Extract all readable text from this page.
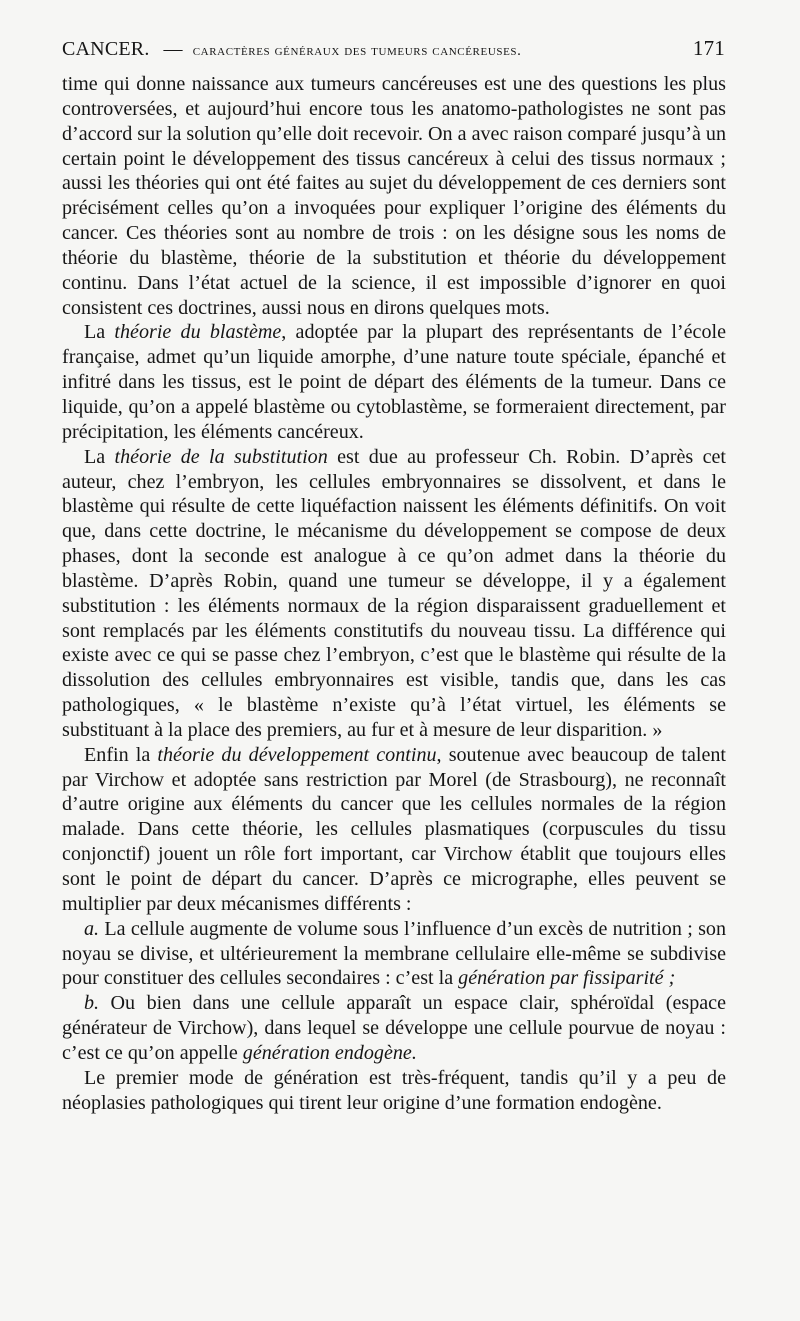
CANCER. — caractères généraux des tumeurs cancéreuses.	171

time qui donne naissance aux tumeurs cancéreuses est une des questions les plus controversées, et aujourd’hui encore tous les anatomo-pathologistes ne sont pas d’accord sur la solution qu’elle doit recevoir. On a avec raison comparé jusqu’à un certain point le développement des tissus cancéreux à celui des tissus normaux ; aussi les théories qui ont été faites au sujet du développement de ces derniers sont précisément celles qu’on a invoquées pour expliquer l’origine des éléments du cancer. Ces théories sont au nombre de trois : on les désigne sous les noms de théorie du blastème, théorie de la substitution et théorie du développement continu. Dans l’état actuel de la science, il est impossible d’ignorer en quoi consistent ces doctrines, aussi nous en dirons quelques mots.

La théorie du blastème, adoptée par la plupart des représentants de l’école française, admet qu’un liquide amorphe, d’une nature toute spéciale, épanché et infitré dans les tissus, est le point de départ des éléments de la tumeur. Dans ce liquide, qu’on a appelé blastème ou cytoblastème, se formeraient directement, par précipitation, les éléments cancéreux.

La théorie de la substitution est due au professeur Ch. Robin. D’après cet auteur, chez l’embryon, les cellules embryonnaires se dissolvent, et dans le blastème qui résulte de cette liquéfaction naissent les éléments définitifs. On voit que, dans cette doctrine, le mécanisme du développement se compose de deux phases, dont la seconde est analogue à ce qu’on admet dans la théorie du blastème. D’après Robin, quand une tumeur se développe, il y a également substitution : les éléments normaux de la région disparaissent graduellement et sont remplacés par les éléments constitutifs du nouveau tissu. La différence qui existe avec ce qui se passe chez l’embryon, c’est que le blastème qui résulte de la dissolution des cellules embryonnaires est visible, tandis que, dans les cas pathologiques, « le blastème n’existe qu’à l’état virtuel, les éléments se substituant à la place des premiers, au fur et à mesure de leur disparition. »

Enfin la théorie du développement continu, soutenue avec beaucoup de talent par Virchow et adoptée sans restriction par Morel (de Strasbourg), ne reconnaît d’autre origine aux éléments du cancer que les cellules normales de la région malade. Dans cette théorie, les cellules plasmatiques (corpuscules du tissu conjonctif) jouent un rôle fort important, car Virchow établit que toujours elles sont le point de départ du cancer. D’après ce micrographe, elles peuvent se multiplier par deux mécanismes différents :

a. La cellule augmente de volume sous l’influence d’un excès de nutrition ; son noyau se divise, et ultérieurement la membrane cellulaire elle-même se subdivise pour constituer des cellules secondaires : c’est la génération par fissiparité ;

b. Ou bien dans une cellule apparaît un espace clair, sphéroïdal (espace générateur de Virchow), dans lequel se développe une cellule pourvue de noyau : c’est ce qu’on appelle génération endogène.

Le premier mode de génération est très-fréquent, tandis qu’il y a peu de néoplasies pathologiques qui tirent leur origine d’une formation endogène.
